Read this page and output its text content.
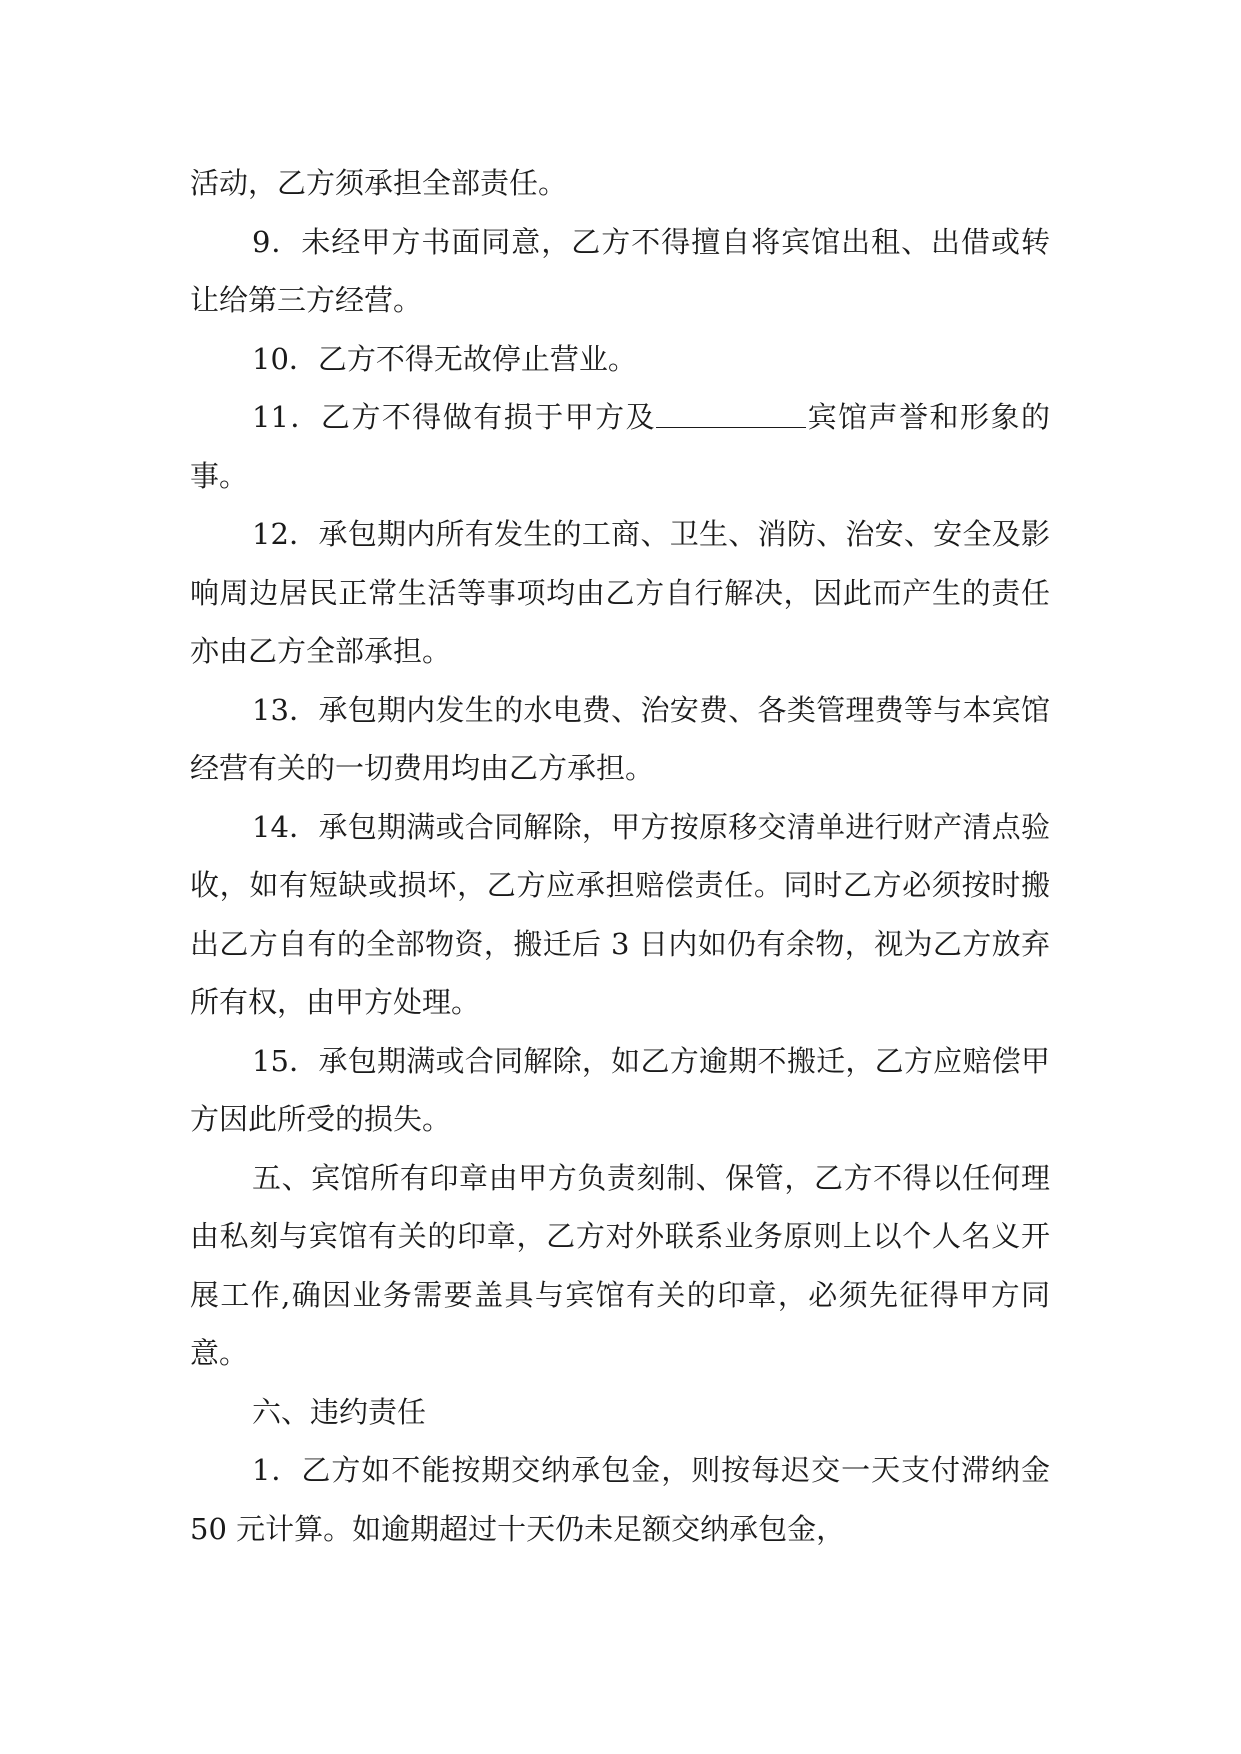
活动，乙方须承担全部责任。

9．未经甲方书面同意，乙方不得擅自将宾馆出租、出借或转让给第三方经营。

10．乙方不得无故停止营业。

11．乙方不得做有损于甲方及	宾馆声誉和形象的事。

12．承包期内所有发生的工商、卫生、消防、治安、安全及影响周边居民正常生活等事项均由乙方自行解决，因此而产生的责任亦由乙方全部承担。

13．承包期内发生的水电费、治安费、各类管理费等与本宾馆经营有关的一切费用均由乙方承担。

14．承包期满或合同解除，甲方按原移交清单进行财产清点验收，如有短缺或损坏，乙方应承担赔偿责任。同时乙方必须按时搬出乙方自有的全部物资，搬迁后 3 日内如仍有余物，视为乙方放弃所有权，由甲方处理。

15．承包期满或合同解除，如乙方逾期不搬迁，乙方应赔偿甲方因此所受的损失。

五、宾馆所有印章由甲方负责刻制、保管，乙方不得以任何理由私刻与宾馆有关的印章，乙方对外联系业务原则上以个人名义开展工作,确因业务需要盖具与宾馆有关的印章，必须先征得甲方同意。

六、违约责任

1．乙方如不能按期交纳承包金，则按每迟交一天支付滞纳金 50 元计算。如逾期超过十天仍未足额交纳承包金，
